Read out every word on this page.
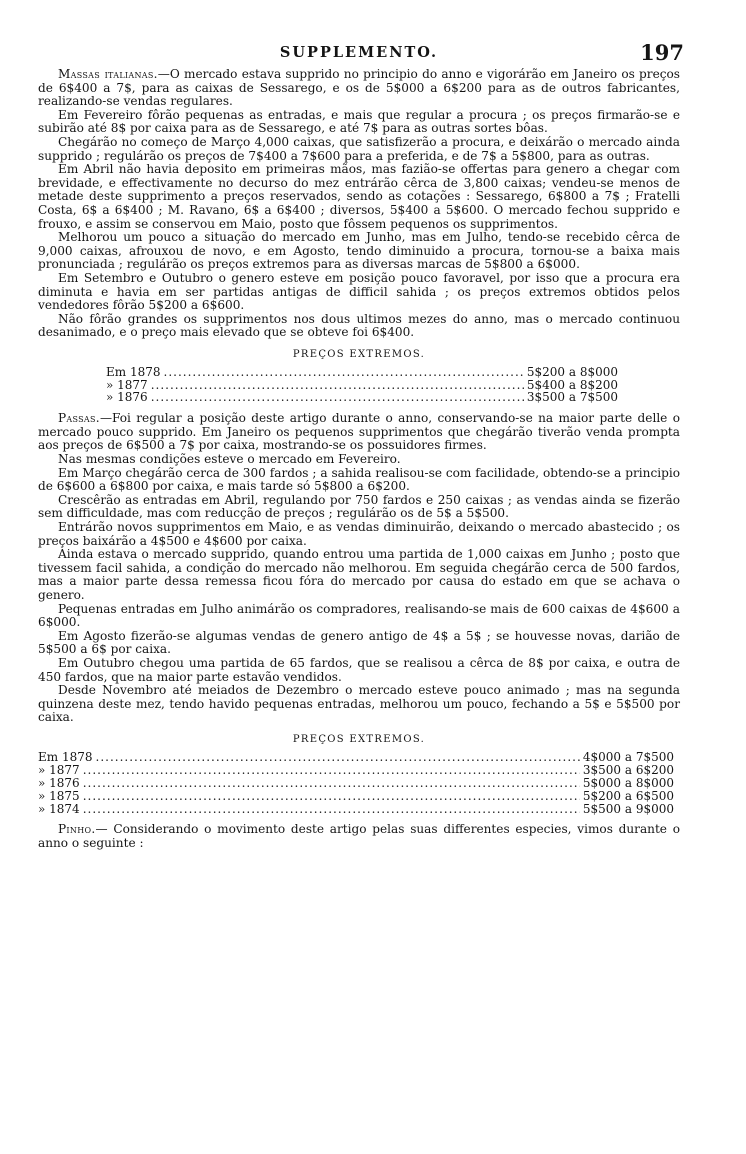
SUPPLEMENTO.	197

Massas italianas.—O mercado estava supprido no principio do anno e vigorárão em Janeiro os preços de 6$400 a 7$, para as caixas de Sessarego, e os de 5$000 a 6$200 para as de outros fabricantes, realizando-se vendas regulares.

Em Fevereiro fôrão pequenas as entradas, e mais que regular a procura ; os preços firmarão-se e subirão até 8$ por caixa para as de Sessarego, e até 7$ para as outras sortes bôas.

Chegárão no começo de Março 4,000 caixas, que satisfizerão a procura, e deixárão o mercado ainda supprido ; regulárão os preços de 7$400 a 7$600 para a preferida, e de 7$ a 5$800, para as outras.

Em Abril não havia deposito em primeiras mãos, mas fazião-se offertas para genero a chegar com brevidade, e effectivamente no decurso do mez entrárão cêrca de 3,800 caixas; vendeu-se menos de metade deste supprimento a preços reservados, sendo as cotações : Sessarego, 6$800 a 7$ ; Fratelli Costa, 6$ a 6$400 ; M. Ravano, 6$ a 6$400 ; diversos, 5$400 a 5$600. O mercado fechou supprido e frouxo, e assim se conservou em Maio, posto que fôssem pequenos os supprimentos.

Melhorou um pouco a situação do mercado em Junho, mas em Julho, tendo-se recebido cêrca de 9,000 caixas, afrouxou de novo, e em Agosto, tendo diminuido a procura, tornou-se a baixa mais pronunciada ; regulárão os preços extremos para as diversas marcas de 5$800 a 6$000.

Em Setembro e Outubro o genero esteve em posição pouco favoravel, por isso que a procura era diminuta e havia em ser partidas antigas de difficil sahida ; os preços extremos obtidos pelos vendedores fôrão 5$200 a 6$600.

Não fôrão grandes os supprimentos nos dous ultimos mezes do anno, mas o mercado continuou desanimado, e o preço mais elevado que se obteve foi 6$400.

PREÇOS EXTREMOS.
Em 1878 .....	5$200 a 8$000
» 1877 .....	5$400 a 8$200
» 1876 .....	3$500 a 7$500

Passas.—Foi regular a posição deste artigo durante o anno, conservando-se na maior parte delle o mercado pouco supprido. Em Janeiro os pequenos supprimentos que chegárão tiverão venda prompta aos preços de 6$500 a 7$ por caixa, mostrando-se os possuidores firmes.

Nas mesmas condições esteve o mercado em Fevereiro.

Em Março chegárão cerca de 300 fardos ; a sahida realisou-se com facilidade, obtendo-se a principio de 6$600 a 6$800 por caixa, e mais tarde só 5$800 a 6$200.

Crescêrão as entradas em Abril, regulando por 750 fardos e 250 caixas ; as vendas ainda se fizerão sem difficuldade, mas com reducção de preços ; regulárão os de 5$ a 5$500.

Entrárão novos supprimentos em Maio, e as vendas diminuirão, deixando o mercado abastecido ; os preços baixárão a 4$500 e 4$600 por caixa.

Ainda estava o mercado supprido, quando entrou uma partida de 1,000 caixas em Junho ; posto que tivessem facil sahida, a condição do mercado não melhorou. Em seguida chegárão cerca de 500 fardos, mas a maior parte dessa remessa ficou fóra do mercado por causa do estado em que se achava o genero.

Pequenas entradas em Julho animárão os compradores, realisando-se mais de 600 caixas de 4$600 a 6$000.

Em Agosto fizerão-se algumas vendas de genero antigo de 4$ a 5$ ; se houvesse novas, darião de 5$500 a 6$ por caixa.

Em Outubro chegou uma partida de 65 fardos, que se realisou a cêrca de 8$ por caixa, e outra de 450 fardos, que na maior parte estavão vendidos.

Desde Novembro até meiados de Dezembro o mercado esteve pouco animado ; mas na segunda quinzena deste mez, tendo havido pequenas entradas, melhorou um pouco, fechando a 5$ e 5$500 por caixa.

PREÇOS EXTREMOS.
Em 1878 .....	4$000 a 7$500
» 1877 .....	3$500 a 6$200
» 1876 .....	5$000 a 8$000
» 1875 .....	5$200 a 6$500
» 1874 .....	5$500 a 9$000

Pinho.— Considerando o movimento deste artigo pelas suas differentes especies, vimos durante o anno o seguinte :
